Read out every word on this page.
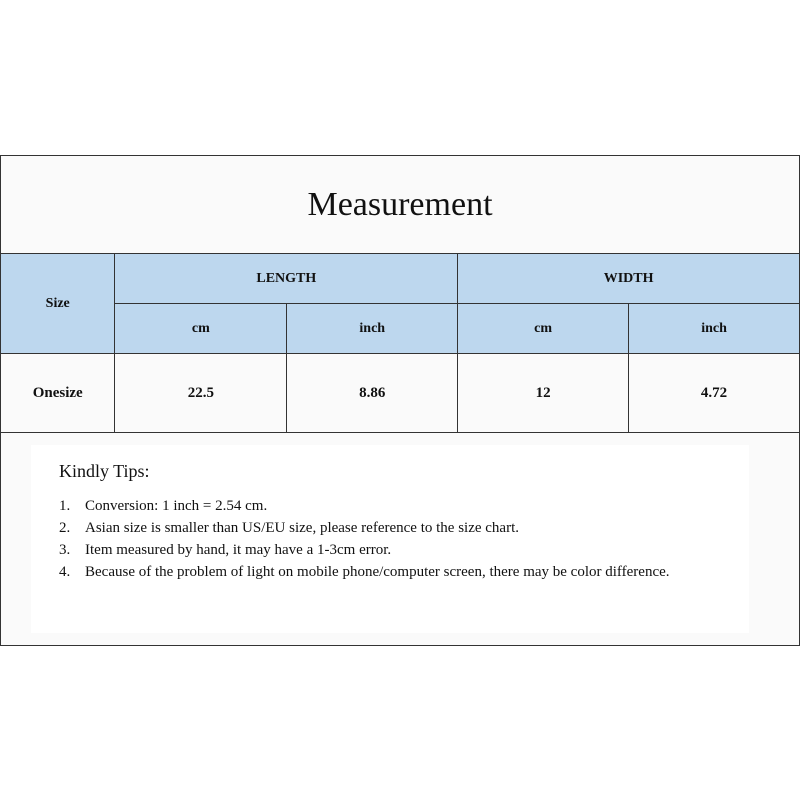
Measurement
Size	LENGTH		WIDTH	
	cm	inch	cm	inch
Onesize	22.5	8.86	12	4.72
Kindly Tips:
1. Conversion: 1 inch = 2.54 cm.
2. Asian size is smaller than US/EU size, please reference to the size chart.
3. Item measured by hand, it may have a 1-3cm error.
4. Because of the problem of light on mobile phone/computer screen, there may be color difference.
